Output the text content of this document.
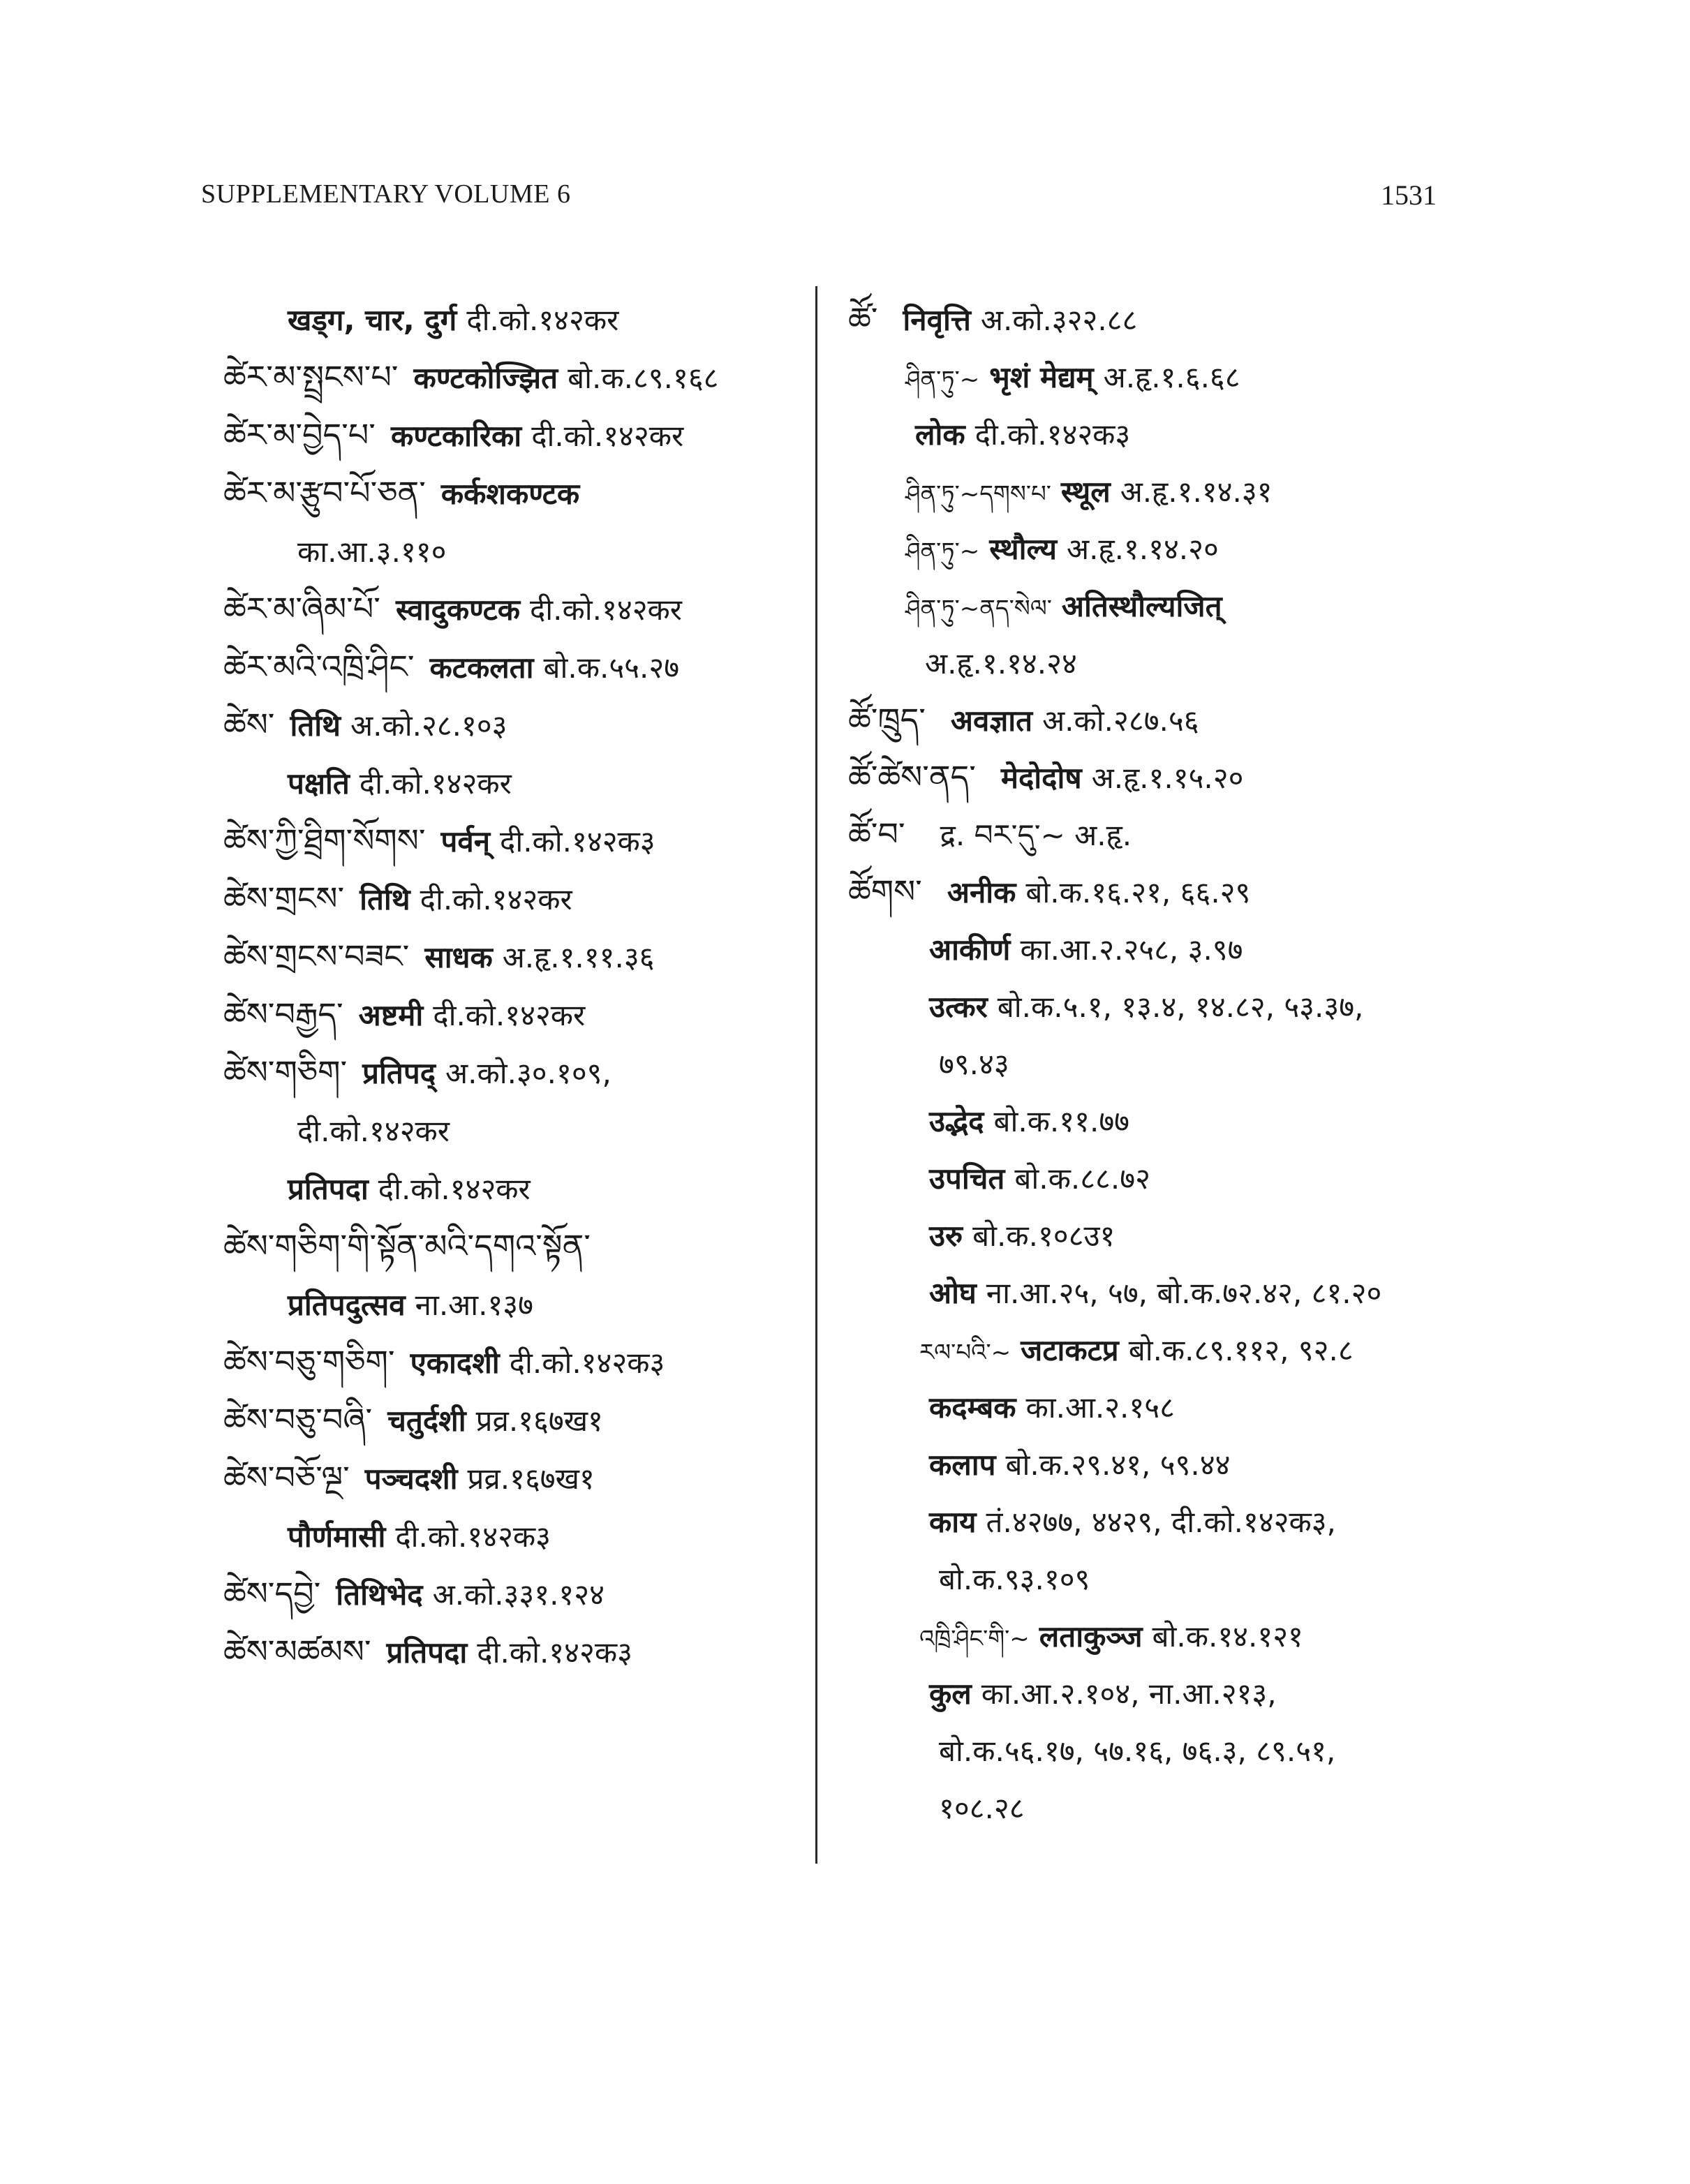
SUPPLEMENTARY VOLUME 6	1531
खड्ग, चार, दुर्ग दी.को.१४२कर
ཚེར་མ་སྤྲངས་པ་ कण्टकोज्झित बो.क.८९.१६८
ཚེར་མ་བྱེད་པ་ कण्टकारिका दी.को.१४२कर
ཚེར་མ་རྩུབ་པོ་ཅན་ कर्कशकण्टक
का.आ.३.११०
ཚེར་མ་ཞིམ་པོ་ स्वादुकण्टक दी.को.१४२कर
ཚེར་མའི་འཁྲི་ཤིང་ कटकलता बो.क.५५.२७
ཚེས་ तिथि अ.को.२८.१०३
पक्षति दी.को.१४२कर
ཚེས་ཀྱི་ཐྲིག་སོགས་ पर्वन् दी.को.१४२क३
ཚེས་གྲངས་ तिथि दी.को.१४२कर
ཚེས་གྲངས་བཟང་ साधक अ.हृ.१.११.३६
ཚེས་བརྒྱད་ अष्टमी दी.को.१४२कर
ཚེས་གཅིག་ प्रतिपद् अ.को.३०.१०९,
दी.को.१४२कर
प्रतिपदा दी.को.१४२कर
ཚེས་གཅིག་གི་སྟོན་མའི་དགའ་སྟོན་
प्रतिपदुत्सव ना.आ.१३७
ཚེས་བཅུ་གཅིག་ एकादशी दी.को.१४२क३
ཚེས་བཅུ་བཞི་ चतुर्दशी प्रव्र.१६७ख१
ཚེས་བཅོ་ལྔ་ पञ्चदशी प्रव्र.१६७ख१
पौर्णमासी दी.को.१४२क३
ཚེས་དབྱེ་ तिथिभेद अ.को.३३१.१२४
ཚེས་མཚམས་ प्रतिपदा दी.को.१४२क३
ཚོ་ निवृत्ति अ.को.३२२.८८
ཤིན་ཏུ་~ भृशं मेद्यम् अ.हृ.१.६.६८
लोक दी.को.१४२क३
ཤིན་ཏུ་~དགས་པ་ स्थूल अ.हृ.१.१४.३१
ཤིན་ཏུ་~ स्थौल्य अ.हृ.१.१४.२०
ཤིན་ཏུ་~ནད་སེལ་ अतिस्थौल्यजित्
अ.हृ.१.१४.२४
ཚོ་ཁྲུད་ अवज्ञात अ.को.२८७.५६
ཚོ་ཚེས་ནད་ मेदोदोष अ.हृ.१.१५.२०
ཚོ་བ་ द्र. བར་དུ་~ अ.हृ.
ཚོགས་ अनीक बो.क.१६.२१, ६६.२९
आकीर्ण का.आ.२.२५८, ३.९७
उत्कर बो.क.५.१, १३.४, १४.८२, ५३.३७,
७९.४३
उद्भेद बो.क.११.७७
उपचित बो.क.८८.७२
उरु बो.क.१०८उ१
ओघ ना.आ.२५, ५७, बो.क.७२.४२, ८१.२०
རལ་པའི་~ जटाकटप्र बो.क.८९.११२, ९२.८
कदम्बक का.आ.२.१५८
कलाप बो.क.२९.४१, ५९.४४
काय तं.४२७७, ४४२९, दी.को.१४२क३,
बो.क.९३.१०९
འཁྲི་ཤིང་གི་~ लताकुञ्ज बो.क.१४.१२१
कुल का.आ.२.१०४, ना.आ.२१३,
बो.क.५६.१७, ५७.१६, ७६.३, ८९.५१,
१०८.२८
